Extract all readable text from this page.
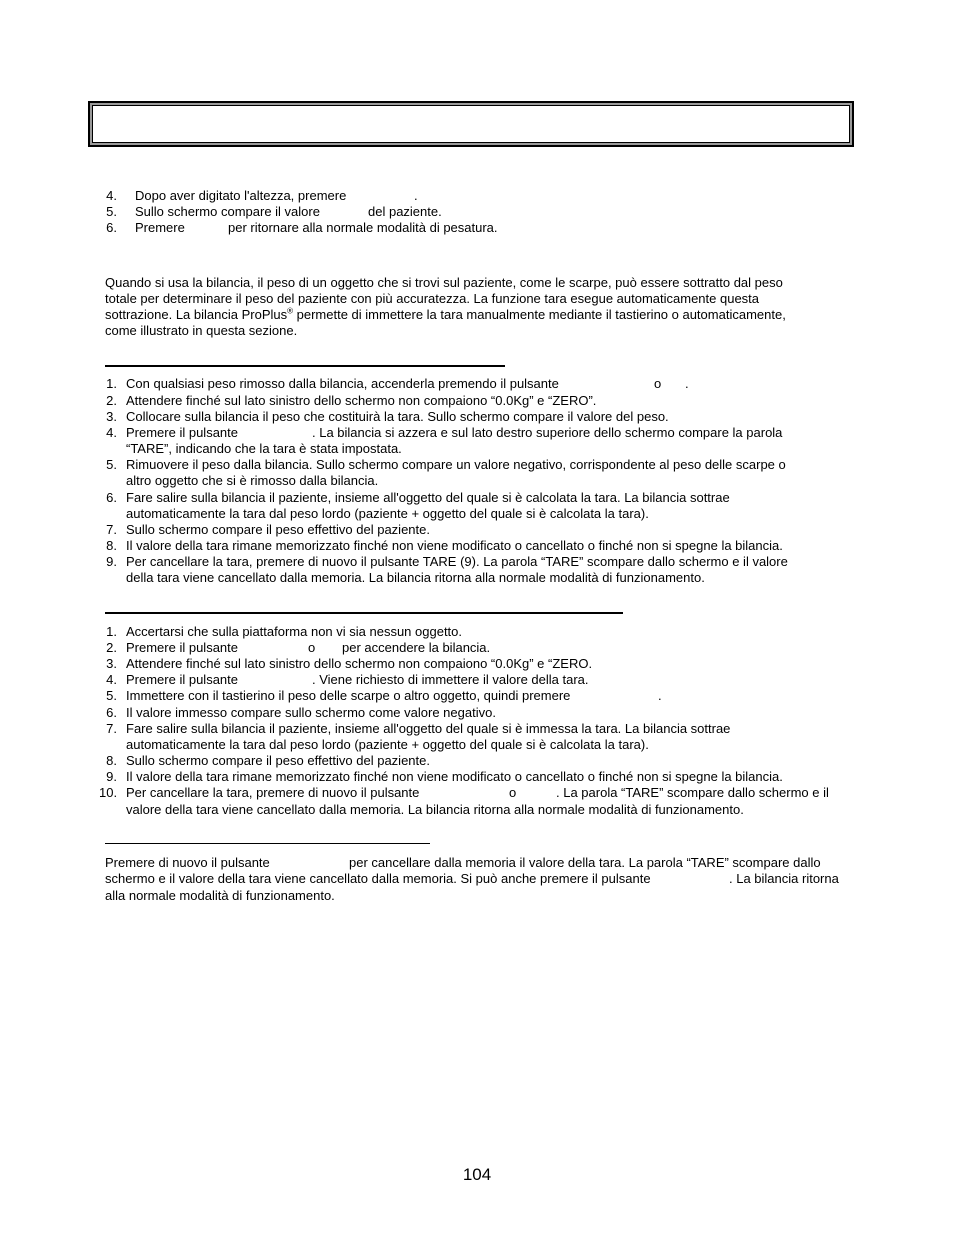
4. Dopo aver digitato l'altezza, premere	.
5. Sullo schermo compare il valore	del paziente.
6. Premere	per ritornare alla normale modalità di pesatura.
Quando si usa la bilancia, il peso di un oggetto che si trovi sul paziente, come le scarpe, può essere sottratto dal peso
totale per determinare il peso del paziente con più accuratezza. La funzione tara esegue automaticamente questa
sottrazione. La bilancia ProPlus® permette di immettere la tara manualmente mediante il tastierino o automaticamente,
come illustrato in questa sezione.
1. Con qualsiasi peso rimosso dalla bilancia, accenderla premendo il pulsante	o .
2. Attendere finché sul lato sinistro dello schermo non compaiono “0.0Kg” e “ZERO”.
3. Collocare sulla bilancia il peso che costituirà la tara. Sullo schermo compare il valore del peso.
4. Premere il pulsante	. La bilancia si azzera e sul lato destro superiore dello schermo compare la parola
“TARE”, indicando che la tara è stata impostata.
5. Rimuovere il peso dalla bilancia. Sullo schermo compare un valore negativo, corrispondente al peso delle scarpe o
altro oggetto che si è rimosso dalla bilancia.
6. Fare salire sulla bilancia il paziente, insieme all'oggetto del quale si è calcolata la tara. La bilancia sottrae
automaticamente la tara dal peso lordo (paziente + oggetto del quale si è calcolata la tara).
7. Sullo schermo compare il peso effettivo del paziente.
8. Il valore della tara rimane memorizzato finché non viene modificato o cancellato o finché non si spegne la bilancia.
9. Per cancellare la tara, premere di nuovo il pulsante TARE (9). La parola “TARE” scompare dallo schermo e il valore
della tara viene cancellato dalla memoria. La bilancia ritorna alla normale modalità di funzionamento.
1. Accertarsi che sulla piattaforma non vi sia nessun oggetto.
2. Premere il pulsante	o per accendere la bilancia.
3. Attendere finché sul lato sinistro dello schermo non compaiono “0.0Kg” e “ZERO.
4. Premere il pulsante	. Viene richiesto di immettere il valore della tara.
5. Immettere con il tastierino il peso delle scarpe o altro oggetto, quindi premere	.
6. Il valore immesso compare sullo schermo come valore negativo.
7. Fare salire sulla bilancia il paziente, insieme all'oggetto del quale si è immessa la tara. La bilancia sottrae
automaticamente la tara dal peso lordo (paziente + oggetto del quale si è calcolata la tara).
8. Sullo schermo compare il peso effettivo del paziente.
9. Il valore della tara rimane memorizzato finché non viene modificato o cancellato o finché non si spegne la bilancia.
10. Per cancellare la tara, premere di nuovo il pulsante	o	. La parola “TARE” scompare dallo schermo e il
valore della tara viene cancellato dalla memoria. La bilancia ritorna alla normale modalità di funzionamento.
Premere di nuovo il pulsante	per cancellare dalla memoria il valore della tara. La parola “TARE” scompare dallo
schermo e il valore della tara viene cancellato dalla memoria. Si può anche premere il pulsante	. La bilancia ritorna
alla normale modalità di funzionamento.
104
